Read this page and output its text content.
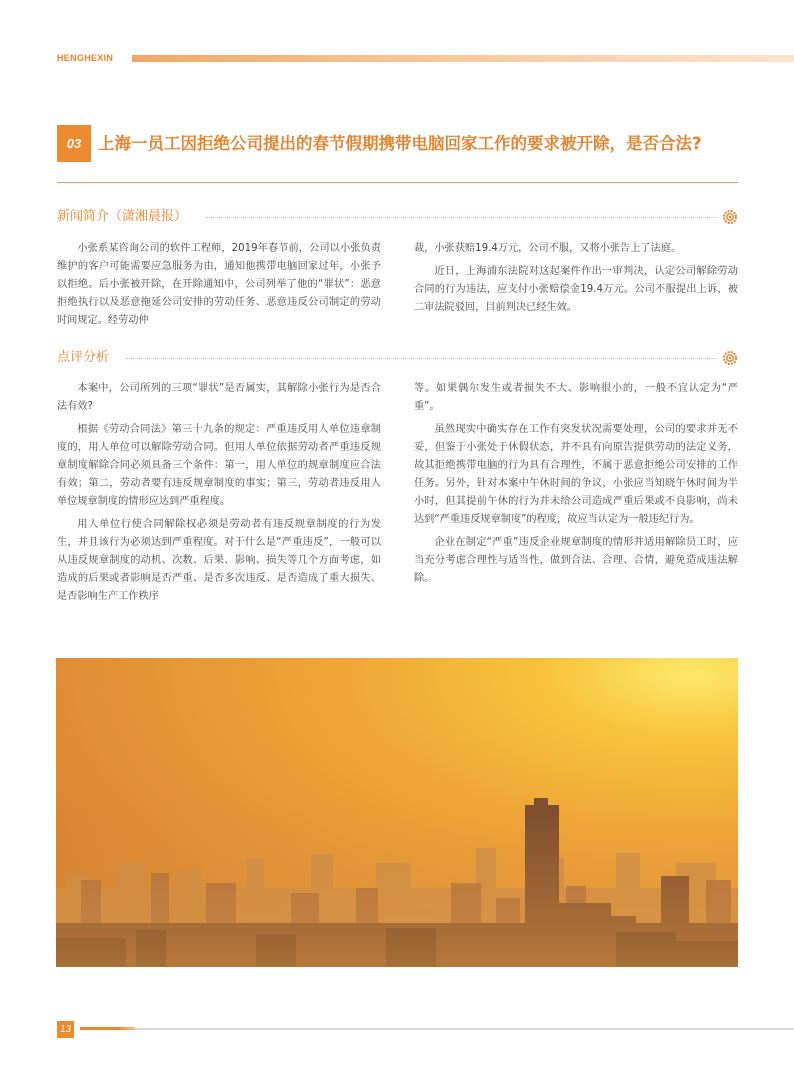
HENGHEXIN
03	上海一员工因拒绝公司提出的春节假期携带电脑回家工作的要求被开除，是否合法?
新闻简介（潇湘晨报）

小张系某咨询公司的软件工程师，2019年春节前，公司以小张负责维护的客户可能需要应急服务为由，通知他携带电脑回家过年，小张予以拒绝。后小张被开除，在开除通知中，公司列举了他的“罪状”：恶意拒绝执行以及恶意拖延公司安排的劳动任务、恶意违反公司制定的劳动时间规定。经劳动仲

裁，小张获赔19.4万元，公司不服，又将小张告上了法庭。

近日，上海浦东法院对这起案件作出一审判决，认定公司解除劳动合同的行为违法，应支付小张赔偿金19.4万元。公司不服提出上诉，被二审法院驳回，目前判决已经生效。

点评分析

本案中，公司所列的三项“罪状”是否属实，其解除小张行为是否合法有效?

根据《劳动合同法》第三十九条的规定：严重违反用人单位违章制度的，用人单位可以解除劳动合同。但用人单位依据劳动者严重违反规章制度解除合同必须具备三个条件：第一，用人单位的规章制度应合法有效；第二，劳动者要有违反规章制度的事实；第三，劳动者违反用人单位规章制度的情形应达到严重程度。

用人单位行使合同解除权必须是劳动者有违反规章制度的行为发生，并且该行为必须达到严重程度。对于什么是“严重违反”，一般可以从违反规章制度的动机、次数、后果、影响、损失等几个方面考虑，如造成的后果或者影响是否严重、是否多次违反、是否造成了重大损失、是否影响生产工作秩序

等。如果偶尔发生或者损失不大、影响很小的，一般不宜认定为“严重”。

虽然现实中确实存在工作有突发状况需要处理，公司的要求并无不妥，但鉴于小张处于休假状态，并不具有向原告提供劳动的法定义务，故其拒绝携带电脑的行为具有合理性，不属于恶意拒绝公司安排的工作任务。另外，针对本案中午休时间的争议，小张应当知晓午休时间为半小时，但其提前午休的行为并未给公司造成严重后果或不良影响，尚未达到“严重违反规章制度”的程度，故应当认定为一般违纪行为。

企业在制定“严重”违反企业规章制度的情形并适用解除员工时，应当充分考虑合理性与适当性，做到合法、合理、合情，避免造成违法解除。

13
